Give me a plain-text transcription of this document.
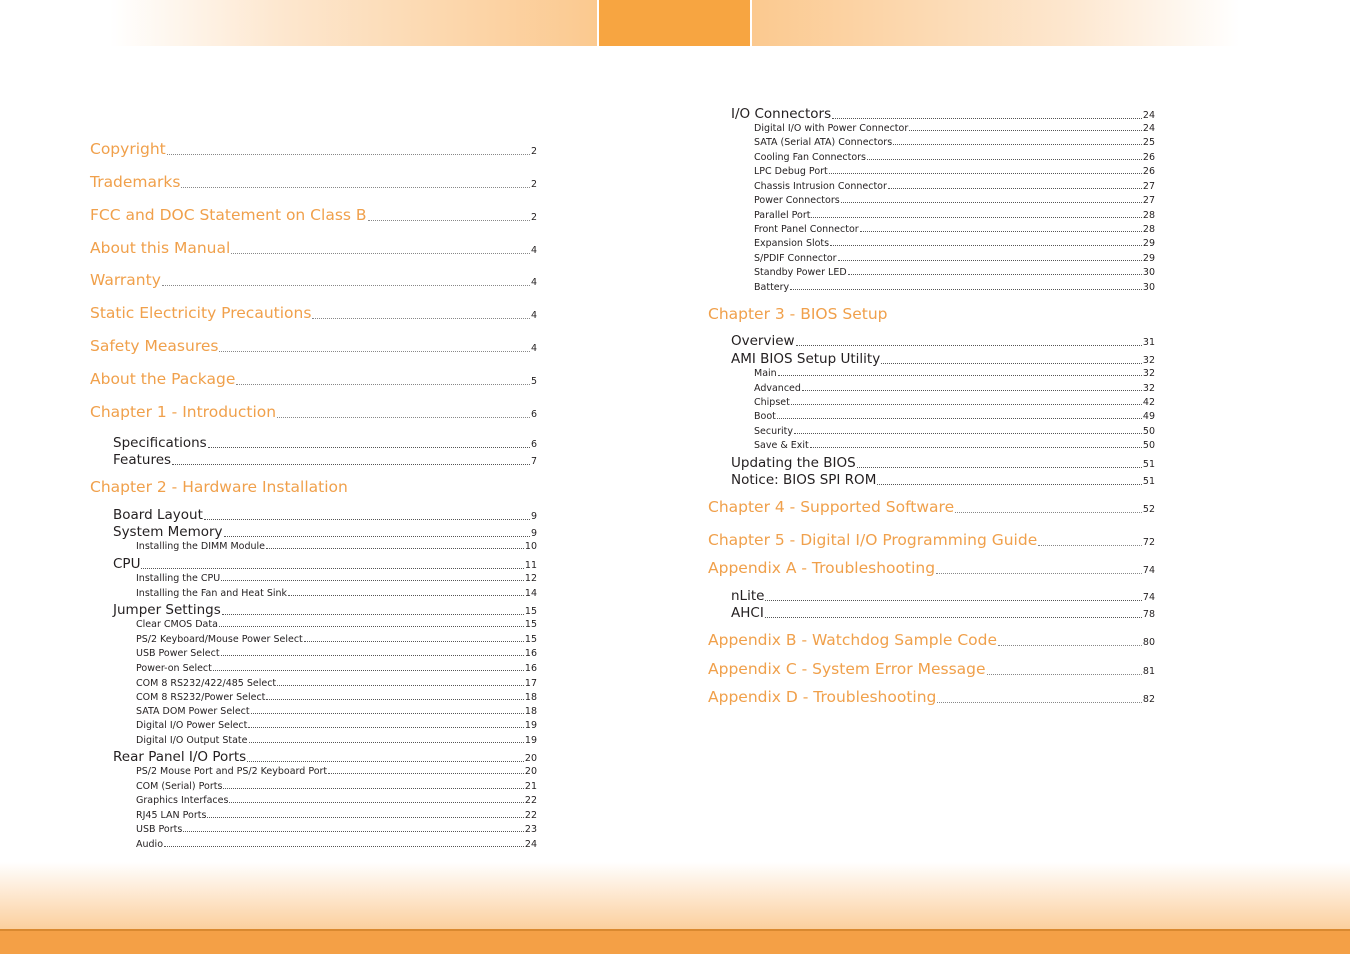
Copyright	2
Trademarks	2
FCC and DOC Statement on Class B	2
About this Manual	4
Warranty	4
Static Electricity Precautions	4
Safety Measures	4
About the Package	5
Chapter 1 - Introduction	6
Specifications	6
Features	7
Chapter 2 - Hardware Installation
Board Layout	9
System Memory	9
Installing the DIMM Module	10
CPU	11
Installing the CPU	12
Installing the Fan and Heat Sink	14
Jumper Settings	15
Clear CMOS Data	15
PS/2 Keyboard/Mouse Power Select	15
USB Power Select	16
Power-on Select	16
COM 8 RS232/422/485 Select	17
COM 8 RS232/Power Select	18
SATA DOM Power Select	18
Digital I/O Power Select	19
Digital I/O Output State	19
Rear Panel I/O Ports	20
PS/2 Mouse Port and PS/2 Keyboard Port	20
COM (Serial) Ports	21
Graphics Interfaces	22
RJ45 LAN Ports	22
USB Ports	23
Audio	24
I/O Connectors	24
Digital I/O with Power Connector	24
SATA (Serial ATA) Connectors	25
Cooling Fan Connectors	26
LPC Debug Port	26
Chassis Intrusion Connector	27
Power Connectors	27
Parallel Port	28
Front Panel Connector	28
Expansion Slots	29
S/PDIF Connector	29
Standby Power LED	30
Battery	30
Chapter 3 - BIOS Setup
Overview	31
AMI BIOS Setup Utility	32
Main	32
Advanced	32
Chipset	42
Boot	49
Security	50
Save & Exit	50
Updating the BIOS	51
Notice: BIOS SPI ROM	51
Chapter 4 - Supported Software	52
Chapter 5 - Digital I/O Programming Guide	72
Appendix A - Troubleshooting	74
nLite	74
AHCI	78
Appendix B - Watchdog Sample Code	80
Appendix C - System Error Message	81
Appendix D - Troubleshooting	82
